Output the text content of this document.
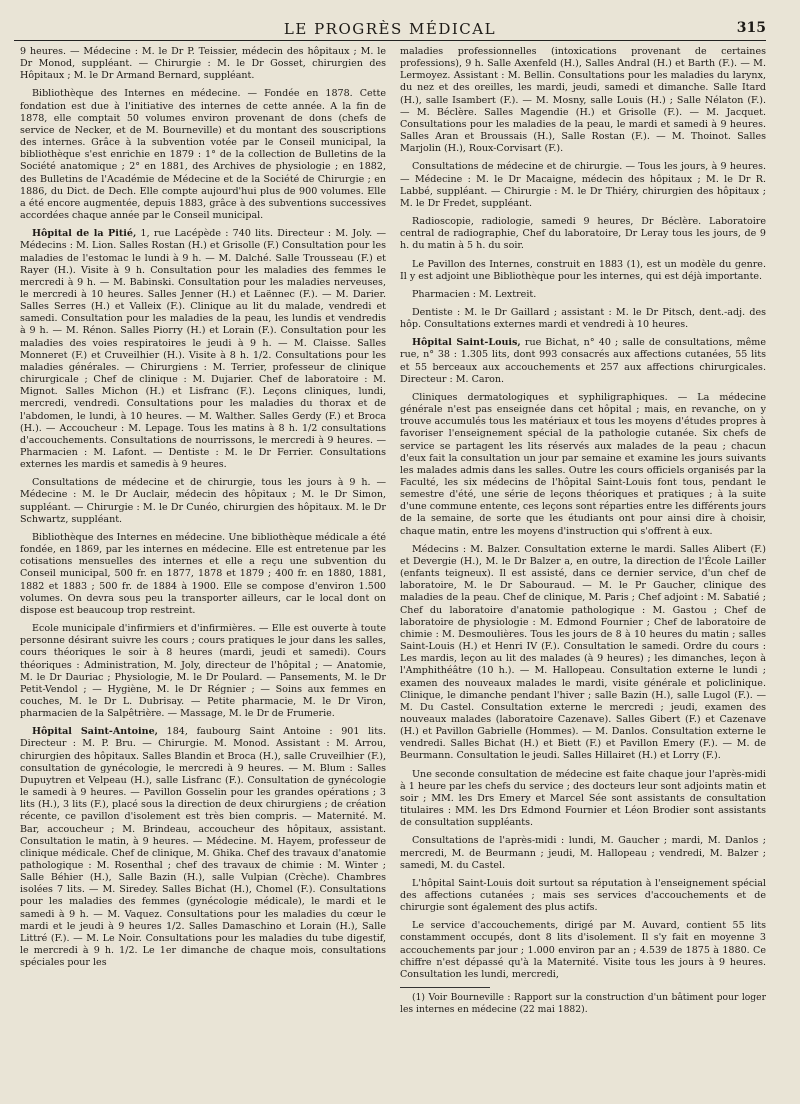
LE PROGRÈS MÉDICAL	315

9 heures. — Médecine : M. le Dr P. Teissier, médecin des hôpitaux ; M. le Dr Monod, suppléant. — Chirurgie : M. le Dr Gosset, chirurgien des Hôpitaux ; M. le Dr Armand Bernard, suppléant.

Bibliothèque des Internes en médecine. — Fondée en 1878. Cette fondation est due à l'initiative des internes de cette année. A la fin de 1878, elle comptait 50 volumes environ provenant de dons (chefs de service de Necker, et de M. Bourneville) et du montant des souscriptions des internes. Grâce à la subvention votée par le Conseil municipal, la bibliothèque s'est enrichie en 1879 : 1° de la collection de Bulletins de la Société anatomique ; 2° en 1881, des Archives de physiologie ; en 1882, des Bulletins de l'Académie de Médecine et de la Société de Chirurgie ; en 1886, du Dict. de Dech. Elle compte aujourd'hui plus de 900 volumes. Elle a été encore augmentée, depuis 1883, grâce à des subventions successives accordées chaque année par le Conseil municipal.

Hôpital de la Pitié, 1, rue Lacépède : 740 lits. Directeur : M. Joly. — Médecins : M. Lion. Salles Rostan (H.) et Grisolle (F.) Consultation pour les maladies de l'estomac le lundi à 9 h. — M. Dalché. Salle Trousseau (F.) et Rayer (H.). Visite à 9 h. Consultation pour les maladies des femmes le mercredi à 9 h. — M. Babinski. Consultation pour les maladies nerveuses, le mercredi à 10 heures. Salles Jenner (H.) et Laënnec (F.). — M. Darier. Salles Serres (H.) et Valleix (F.). Clinique au lit du malade, vendredi et samedi. Consultation pour les maladies de la peau, les lundis et vendredis à 9 h. — M. Rénon. Salles Piorry (H.) et Lorain (F.). Consultation pour les maladies des voies respiratoires le jeudi à 9 h. — M. Claisse. Salles Monneret (F.) et Cruveilhier (H.). Visite à 8 h. 1/2. Consultations pour les maladies générales. — Chirurgiens : M. Terrier, professeur de clinique chirurgicale ; Chef de clinique : M. Dujarier. Chef de laboratoire : M. Mignot. Salles Michon (H.) et Lisfranc (F.). Leçons cliniques, lundi, mercredi, vendredi. Consultations pour les maladies du thorax et de l'abdomen, le lundi, à 10 heures. — M. Walther. Salles Gerdy (F.) et Broca (H.). — Accoucheur : M. Lepage. Tous les matins à 8 h. 1/2 consultations d'accouchements. Consultations de nourrissons, le mercredi à 9 heures. — Pharmacien : M. Lafont. — Dentiste : M. le Dr Ferrier. Consultations externes les mardis et samedis à 9 heures.

Consultations de médecine et de chirurgie, tous les jours à 9 h. — Médecine : M. le Dr Auclair, médecin des hôpitaux ; M. le Dr Simon, suppléant. — Chirurgie : M. le Dr Cunéo, chirurgien des hôpitaux. M. le Dr Schwartz, suppléant.

Bibliothèque des Internes en médecine. Une bibliothèque médicale a été fondée, en 1869, par les internes en médecine. Elle est entretenue par les cotisations mensuelles des internes et elle a reçu une subvention du Conseil municipal, 500 fr. en 1877, 1878 et 1879 ; 400 fr. en 1880, 1881, 1882 et 1883 ; 500 fr. de 1884 à 1900. Elle se compose d'environ 1.500 volumes. On devra sous peu la transporter ailleurs, car le local dont on dispose est beaucoup trop restreint.

Ecole municipale d'infirmiers et d'infirmières. — Elle est ouverte à toute personne désirant suivre les cours ; cours pratiques le jour dans les salles, cours théoriques le soir à 8 heures (mardi, jeudi et samedi). Cours théoriques : Administration, M. Joly, directeur de l'hôpital ; — Anatomie, M. le Dr Dauriac ; Physiologie, M. le Dr Poulard. — Pansements, M. le Dr Petit-Vendol ; — Hygiène, M. le Dr Régnier ; — Soins aux femmes en couches, M. le Dr L. Dubrisay. — Petite pharmacie, M. le Dr Viron, pharmacien de la Salpêtrière. — Massage, M. le Dr de Frumerie.

Hôpital Saint-Antoine, 184, faubourg Saint Antoine : 901 lits. Directeur : M. P. Bru. — Chirurgie. M. Monod. Assistant : M. Arrou, chirurgien des hôpitaux. Salles Blandin et Broca (H.), salle Cruveilhier (F.), consultation de gynécologie, le mercredi à 9 heures. — M. Blum : Salles Dupuytren et Velpeau (H.), salle Lisfranc (F.). Consultation de gynécologie le samedi à 9 heures. — Pavillon Gosselin pour les grandes opérations ; 3 lits (H.), 3 lits (F.), placé sous la direction de deux chirurgiens ; de création récente, ce pavillon d'isolement est très bien compris. — Maternité. M. Bar, accoucheur ; M. Brindeau, accoucheur des hôpitaux, assistant. Consultation le matin, à 9 heures. — Médecine. M. Hayem, professeur de clinique médicale. Chef de clinique, M. Ghika. Chef des travaux d'anatomie pathologique : M. Rosenthal ; chef des travaux de chimie : M. Winter ; Salle Béhier (H.), Salle Bazin (H.), salle Vulpian (Crèche). Chambres isolées 7 lits. — M. Siredey. Salles Bichat (H.), Chomel (F.). Consultations pour les maladies des femmes (gynécologie médicale), le mardi et le samedi à 9 h. — M. Vaquez. Consultations pour les maladies du cœur le mardi et le jeudi à 9 heures 1/2. Salles Damaschino et Lorain (H.), Salle Littré (F.). — M. Le Noir. Consultations pour les maladies du tube digestif, le mercredi à 9 h. 1/2. Le 1er dimanche de chaque mois, consultations spéciales pour les

maladies professionnelles (intoxications provenant de certaines professions), 9 h. Salle Axenfeld (H.), Salles Andral (H.) et Barth (F.). — M. Lermoyez. Assistant : M. Bellin. Consultations pour les maladies du larynx, du nez et des oreilles, les mardi, jeudi, samedi et dimanche. Salle Itard (H.), salle Isambert (F.). — M. Mosny, salle Louis (H.) ; Salle Nélaton (F.). — M. Béclère. Salles Magendie (H.) et Grisolle (F.). — M. Jacquet. Consultations pour les maladies de la peau, le mardi et samedi à 9 heures. Salles Aran et Broussais (H.), Salle Rostan (F.). — M. Thoinot. Salles Marjolin (H.), Roux-Corvisart (F.).

Consultations de médecine et de chirurgie. — Tous les jours, à 9 heures. — Médecine : M. le Dr Macaigne, médecin des hôpitaux ; M. le Dr R. Labbé, suppléant. — Chirurgie : M. le Dr Thiéry, chirurgien des hôpitaux ; M. le Dr Fredet, suppléant.

Radioscopie, radiologie, samedi 9 heures, Dr Béclère. Laboratoire central de radiographie, Chef du laboratoire, Dr Leray tous les jours, de 9 h. du matin à 5 h. du soir.

Le Pavillon des Internes, construit en 1883 (1), est un modèle du genre. Il y est adjoint une Bibliothèque pour les internes, qui est déjà importante.

Pharmacien : M. Lextreit.

Dentiste : M. le Dr Gaillard ; assistant : M. le Dr Pitsch, dent.-adj. des hôp. Consultations externes mardi et vendredi à 10 heures.

Hôpital Saint-Louis, rue Bichat, n° 40 ; salle de consultations, même rue, n° 38 : 1.305 lits, dont 993 consacrés aux affections cutanées, 55 lits et 55 berceaux aux accouchements et 257 aux affections chirurgicales. Directeur : M. Caron.

Cliniques dermatologiques et syphiligraphiques. — La médecine générale n'est pas enseignée dans cet hôpital ; mais, en revanche, on y trouve accumulés tous les matériaux et tous les moyens d'études propres à favoriser l'enseignement spécial de la pathologie cutanée. Six chefs de service se partagent les lits réservés aux malades de la peau ; chacun d'eux fait la consultation un jour par semaine et examine les jours suivants les malades admis dans les salles. Outre les cours officiels organisés par la Faculté, les six médecins de l'hôpital Saint-Louis font tous, pendant le semestre d'été, une série de leçons théoriques et pratiques ; à la suite d'une commune entente, ces leçons sont réparties entre les différents jours de la semaine, de sorte que les étudiants ont pour ainsi dire à choisir, chaque matin, entre les moyens d'instruction qui s'offrent à eux.

Médecins : M. Balzer. Consultation externe le mardi. Salles Alibert (F.) et Devergie (H.), M. le Dr Balzer a, en outre, la direction de l'École Lailler (enfants teigneux). Il est assisté, dans ce dernier service, d'un chef de laboratoire, M. le Dr Sabouraud. — M. le Pr Gaucher, clinique des maladies de la peau. Chef de clinique, M. Paris ; Chef adjoint : M. Sabatié ; Chef du laboratoire d'anatomie pathologique : M. Gastou ; Chef de laboratoire de physiologie : M. Edmond Fournier ; Chef de laboratoire de chimie : M. Desmoulières. Tous les jours de 8 à 10 heures du matin ; salles Saint-Louis (H.) et Henri IV (F.). Consultation le samedi. Ordre du cours : Les mardis, leçon au lit des malades (à 9 heures) ; les dimanches, leçon à l'Amphithéâtre (10 h.). — M. Hallopeau. Consultation externe le lundi ; examen des nouveaux malades le mardi, visite générale et policlinique. Clinique, le dimanche pendant l'hiver ; salle Bazin (H.), salle Lugol (F.). — M. Du Castel. Consultation externe le mercredi ; jeudi, examen des nouveaux malades (laboratoire Cazenave). Salles Gibert (F.) et Cazenave (H.) et Pavillon Gabrielle (Hommes). — M. Danlos. Consultation externe le vendredi. Salles Bichat (H.) et Biett (F.) et Pavillon Emery (F.). — M. de Beurmann. Consultation le jeudi. Salles Hillairet (H.) et Lorry (F.).

Une seconde consultation de médecine est faite chaque jour l'après-midi à 1 heure par les chefs du service ; des docteurs leur sont adjoints matin et soir ; MM. les Drs Emery et Marcel Sée sont assistants de consultation titulaires : MM. les Drs Edmond Fournier et Léon Brodier sont assistants de consultation suppléants.

Consultations de l'après-midi : lundi, M. Gaucher ; mardi, M. Danlos ; mercredi, M. de Beurmann ; jeudi, M. Hallopeau ; vendredi, M. Balzer ; samedi, M. du Castel.

L'hôpital Saint-Louis doit surtout sa réputation à l'enseignement spécial des affections cutanées ; mais ses services d'accouchements et de chirurgie sont également des plus actifs.

Le service d'accouchements, dirigé par M. Auvard, contient 55 lits constamment occupés, dont 8 lits d'isolement. Il s'y fait en moyenne 3 accouchements par jour ; 1.000 environ par an ; 4.539 de 1875 à 1880. Ce chiffre n'est dépassé qu'à la Maternité. Visite tous les jours à 9 heures. Consultation les lundi, mercredi,

(1) Voir Bourneville : Rapport sur la construction d'un bâtiment pour loger les internes en médecine (22 mai 1882).
